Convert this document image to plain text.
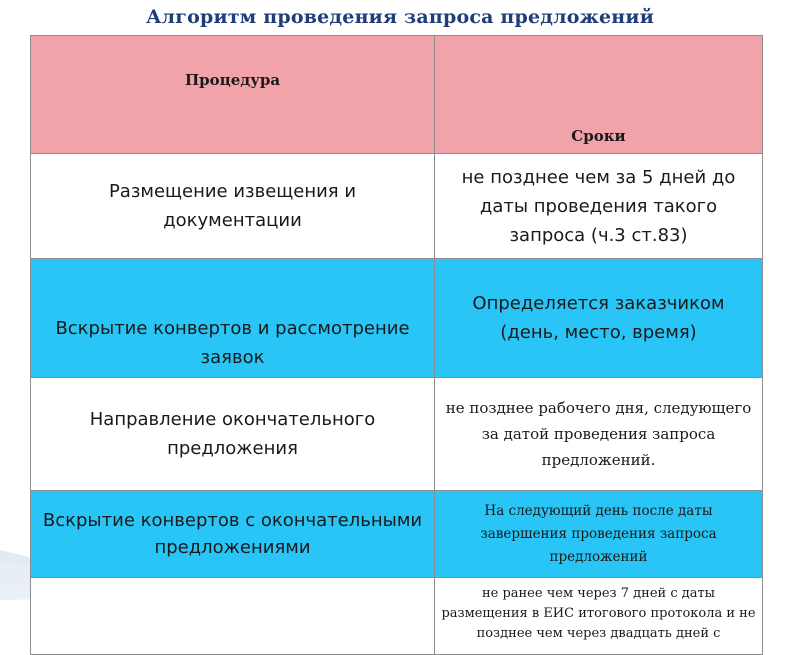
Алгоритм проведения запроса предложений
Процедура	Сроки
Размещение извещения и документации	не позднее чем за 5 дней до даты проведения такого запроса (ч.3 ст.83)
Вскрытие конвертов и рассмотрение заявок	Определяется заказчиком (день, место, время)
Направление окончательного предложения	не позднее рабочего дня, следующего за датой проведения запроса предложений.
Вскрытие конвертов с окончательными предложениями	На следующий день после даты завершения проведения запроса предложений
	не ранее чем через 7 дней с даты размещения в ЕИС итогового протокола и не позднее чем через двадцать дней с
